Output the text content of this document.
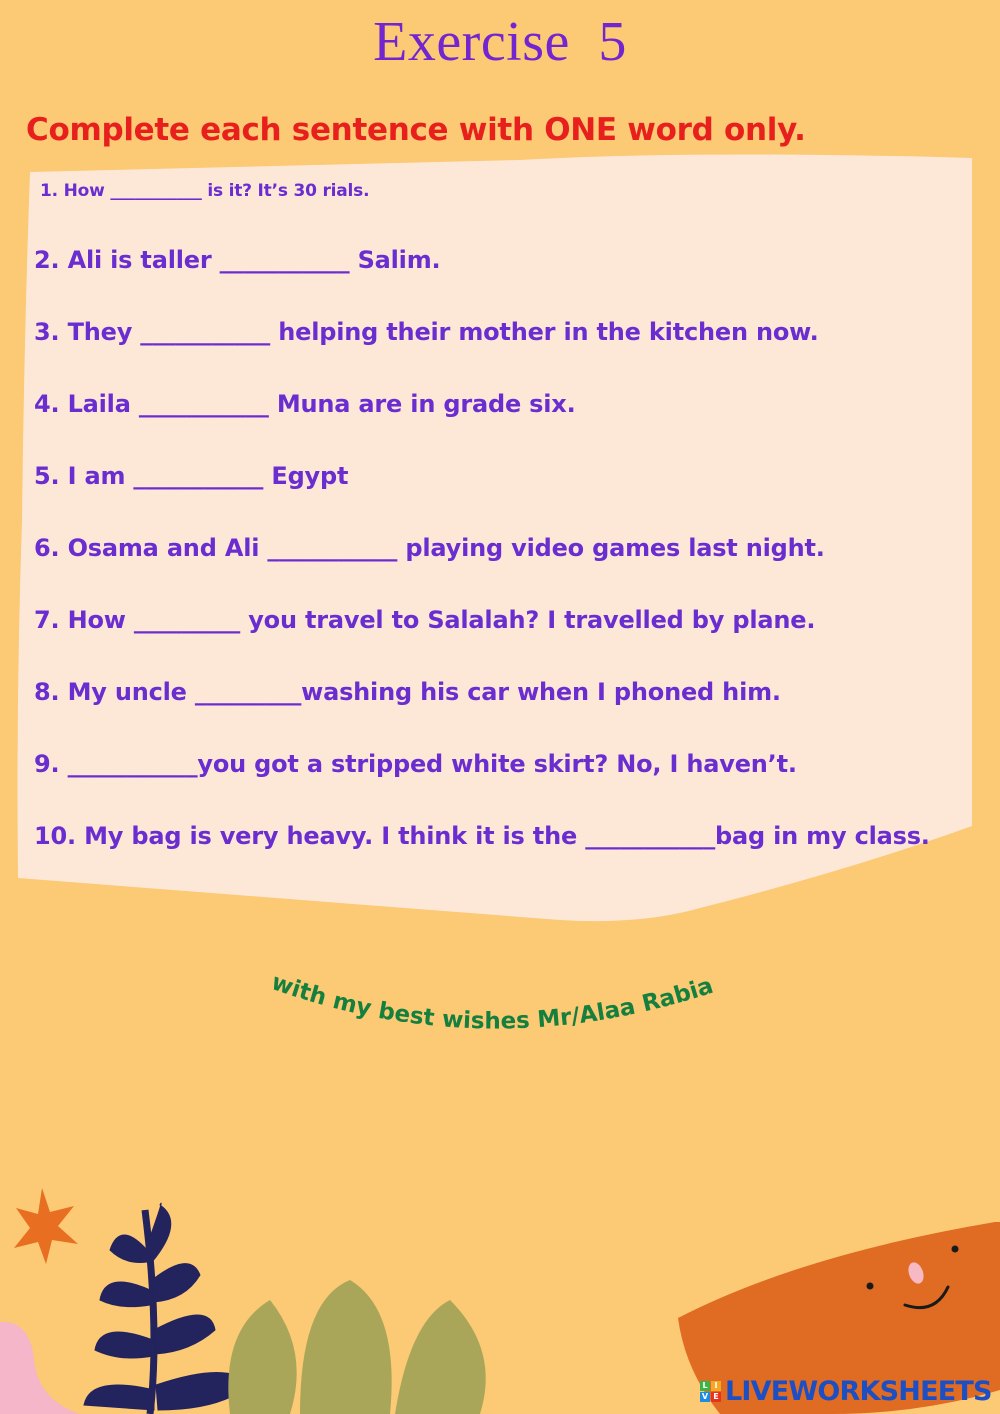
Exercise 5

Complete each sentence with ONE word only.

1. How ___________ is it? It’s 30 rials.

2. Ali is taller ___________ Salim.

3. They ___________ helping their mother in the kitchen now.

4. Laila ___________ Muna are in grade six.

5. I am ___________ Egypt

6. Osama and Ali ___________ playing video games last night.

7. How _________ you travel to Salalah? I travelled by plane.

8. My uncle _________washing his car when I phoned him.

9. ___________you got a stripped white skirt? No, I haven’t.

10. My bag is very heavy. I think it is the ___________bag in my class.

with my best wishes Mr/Alaa Rabia
L I
V E LIVEWORKSHEETS
